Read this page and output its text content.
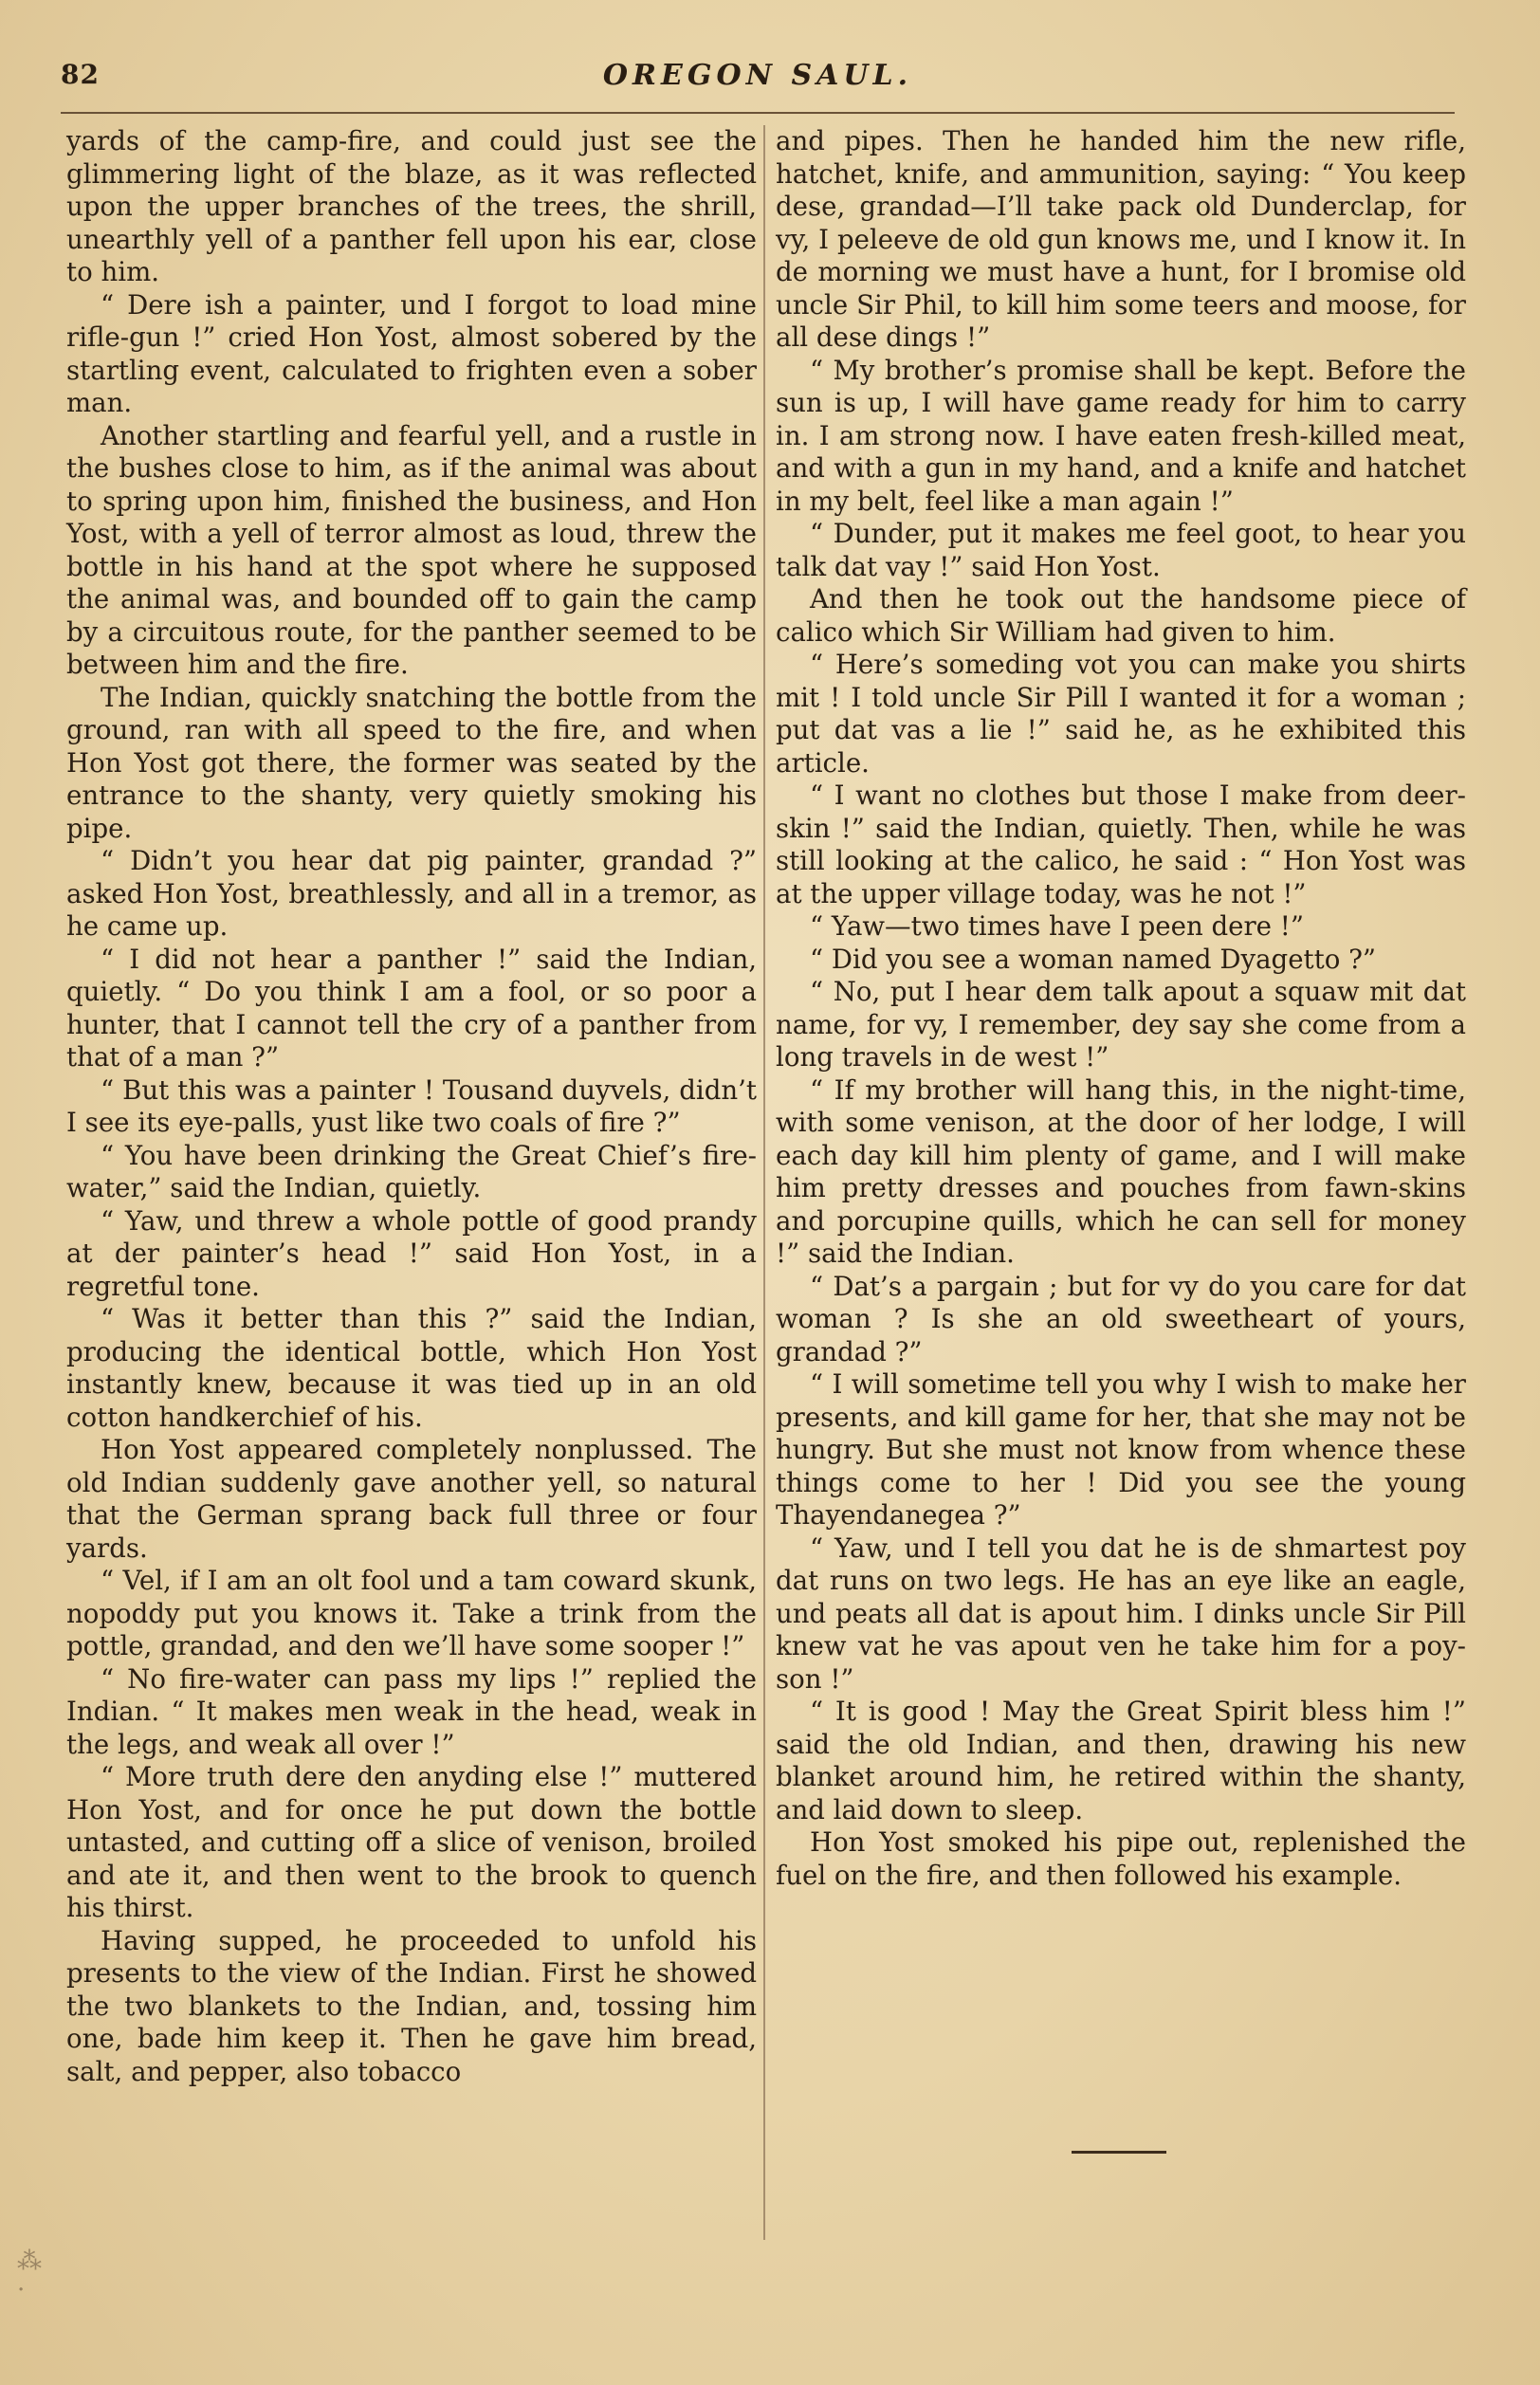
82	OREGON SAUL.

yards of the camp-fire, and could just see the glimmering light of the blaze, as it was reflected upon the upper branches of the trees, the shrill, unearthly yell of a panther fell upon his ear, close to him.

“ Dere ish a painter, und I forgot to load mine rifle-gun !” cried Hon Yost, almost sobered by the startling event, calculated to frighten even a sober man.

Another startling and fearful yell, and a rustle in the bushes close to him, as if the animal was about to spring upon him, finished the business, and Hon Yost, with a yell of terror almost as loud, threw the bottle in his hand at the spot where he supposed the animal was, and bounded off to gain the camp by a circuitous route, for the panther seemed to be between him and the fire.

The Indian, quickly snatching the bottle from the ground, ran with all speed to the fire, and when Hon Yost got there, the former was seated by the entrance to the shanty, very quietly smoking his pipe.

“ Didn’t you hear dat pig painter, grandad ?” asked Hon Yost, breathlessly, and all in a tremor, as he came up.

“ I did not hear a panther !” said the Indian, quietly. “ Do you think I am a fool, or so poor a hunter, that I cannot tell the cry of a panther from that of a man ?”

“ But this was a painter ! Tousand duyvels, didn’t I see its eye-palls, yust like two coals of fire ?”

“ You have been drinking the Great Chief’s fire-water,” said the Indian, quietly.

“ Yaw, und threw a whole pottle of good prandy at der painter’s head !” said Hon Yost, in a regretful tone.

“ Was it better than this ?” said the Indian, producing the identical bottle, which Hon Yost instantly knew, because it was tied up in an old cotton handkerchief of his.

Hon Yost appeared completely nonplussed. The old Indian suddenly gave another yell, so natural that the German sprang back full three or four yards.

“ Vel, if I am an olt fool und a tam coward skunk, nopoddy put you knows it. Take a trink from the pottle, grandad, and den we’ll have some sooper !”

“ No fire-water can pass my lips !” replied the Indian. “ It makes men weak in the head, weak in the legs, and weak all over !”

“ More truth dere den anyding else !” muttered Hon Yost, and for once he put down the bottle untasted, and cutting off a slice of venison, broiled and ate it, and then went to the brook to quench his thirst.

Having supped, he proceeded to unfold his presents to the view of the Indian. First he showed the two blankets to the Indian, and, tossing him one, bade him keep it. Then he gave him bread, salt, and pepper, also tobacco

and pipes. Then he handed him the new rifle, hatchet, knife, and ammunition, saying: “ You keep dese, grandad—I’ll take pack old Dunderclap, for vy, I peleeve de old gun knows me, und I know it. In de morning we must have a hunt, for I bromise old uncle Sir Phil, to kill him some teers and moose, for all dese dings !”

“ My brother’s promise shall be kept. Before the sun is up, I will have game ready for him to carry in. I am strong now. I have eaten fresh-killed meat, and with a gun in my hand, and a knife and hatchet in my belt, feel like a man again !”

“ Dunder, put it makes me feel goot, to hear you talk dat vay !” said Hon Yost.

And then he took out the handsome piece of calico which Sir William had given to him.

“ Here’s someding vot you can make you shirts mit ! I told uncle Sir Pill I wanted it for a woman ; put dat vas a lie !” said he, as he exhibited this article.

“ I want no clothes but those I make from deer-skin !” said the Indian, quietly. Then, while he was still looking at the calico, he said : “ Hon Yost was at the upper village today, was he not !”

“ Yaw—two times have I peen dere !”

“ Did you see a woman named Dyagetto ?”

“ No, put I hear dem talk apout a squaw mit dat name, for vy, I remember, dey say she come from a long travels in de west !”

“ If my brother will hang this, in the night-time, with some venison, at the door of her lodge, I will each day kill him plenty of game, and I will make him pretty dresses and pouches from fawn-skins and porcupine quills, which he can sell for money !” said the Indian.

“ Dat’s a pargain ; but for vy do you care for dat woman ? Is she an old sweetheart of yours, grandad ?”

“ I will sometime tell you why I wish to make her presents, and kill game for her, that she may not be hungry. But she must not know from whence these things come to her ! Did you see the young Thayendanegea ?”

“ Yaw, und I tell you dat he is de shmartest poy dat runs on two legs. He has an eye like an eagle, und peats all dat is apout him. I dinks uncle Sir Pill knew vat he vas apout ven he take him for a poy-son !”

“ It is good ! May the Great Spirit bless him !” said the old Indian, and then, drawing his new blanket around him, he retired within the shanty, and laid down to sleep.

Hon Yost smoked his pipe out, replenished the fuel on the fire, and then followed his example.

⁂
·
